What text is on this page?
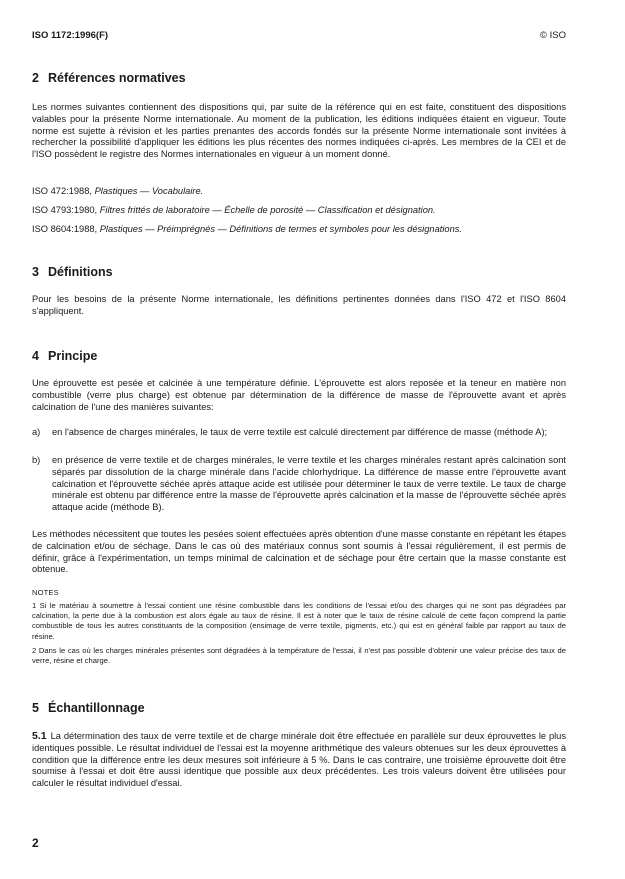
ISO 1172:1996(F)	© ISO
2 Références normatives

Les normes suivantes contiennent des dispositions qui, par suite de la référence qui en est faite, constituent des dispositions valables pour la présente Norme internationale. Au moment de la publication, les éditions indiquées étaient en vigueur. Toute norme est sujette à révision et les parties prenantes des accords fondés sur la présente Norme internationale sont invitées à rechercher la possibilité d'appliquer les éditions les plus récentes des normes indiquées ci-après. Les membres de la CEI et de l'ISO possèdent le registre des Normes internationales en vigueur à un moment donné.

ISO 472:1988, Plastiques — Vocabulaire.
ISO 4793:1980, Filtres frittés de laboratoire — Échelle de porosité — Classification et désignation.
ISO 8604:1988, Plastiques — Préimprégnés — Définitions de termes et symboles pour les désignations.
3 Définitions

Pour les besoins de la présente Norme internationale, les définitions pertinentes données dans l'ISO 472 et l'ISO 8604 s'appliquent.

4 Principe

Une éprouvette est pesée et calcinée à une température définie. L'éprouvette est alors reposée et la teneur en matière non combustible (verre plus charge) est obtenue par détermination de la différence de masse de l'éprouvette avant et après calcination de l'une des manières suivantes:

a) en l'absence de charges minérales, le taux de verre textile est calculé directement par différence de masse (méthode A);
b) en présence de verre textile et de charges minérales, le verre textile et les charges minérales restant après calcination sont séparés par dissolution de la charge minérale dans l'acide chlorhydrique. La différence de masse entre l'éprouvette avant calcination et l'éprouvette séchée après attaque acide est utilisée pour déterminer le taux de verre textile. Le taux de charge minérale est obtenu par différence entre la masse de l'éprouvette après calcination et la masse de l'éprouvette séchée après attaque acide (méthode B).

Les méthodes nécessitent que toutes les pesées soient effectuées après obtention d'une masse constante en répétant les étapes de calcination et/ou de séchage. Dans le cas où des matériaux connus sont soumis à l'essai régulièrement, il est permis de définir, grâce à l'expérimentation, un temps minimal de calcination et de séchage pour être certain que la masse constante est obtenue.

NOTES

1 Si le matériau à soumettre à l'essai contient une résine combustible dans les conditions de l'essai et/ou des charges qui ne sont pas dégradées par calcination, la perte due à la combustion est alors égale au taux de résine. Il est à noter que le taux de résine calculé de cette façon comprend la partie combustible de tous les autres constituants de la composition (ensimage de verre textile, pigments, etc.) qui est en général faible par rapport au taux de résine.

2 Dans le cas où les charges minérales présentes sont dégradées à la température de l'essai, il n'est pas possible d'obtenir une valeur précise des taux de verre, résine et charge.

5 Échantillonnage

5.1 La détermination des taux de verre textile et de charge minérale doit être effectuée en parallèle sur deux éprouvettes le plus identiques possible. Le résultat individuel de l'essai est la moyenne arithmétique des valeurs obtenues sur les deux éprouvettes à condition que la différence entre les deux mesures soit inférieure à 5 %. Dans le cas contraire, une troisième éprouvette doit être soumise à l'essai et doit être aussi identique que possible aux deux précédentes. Les trois valeurs doivent être utilisées pour calculer le résultat individuel d'essai.

2
